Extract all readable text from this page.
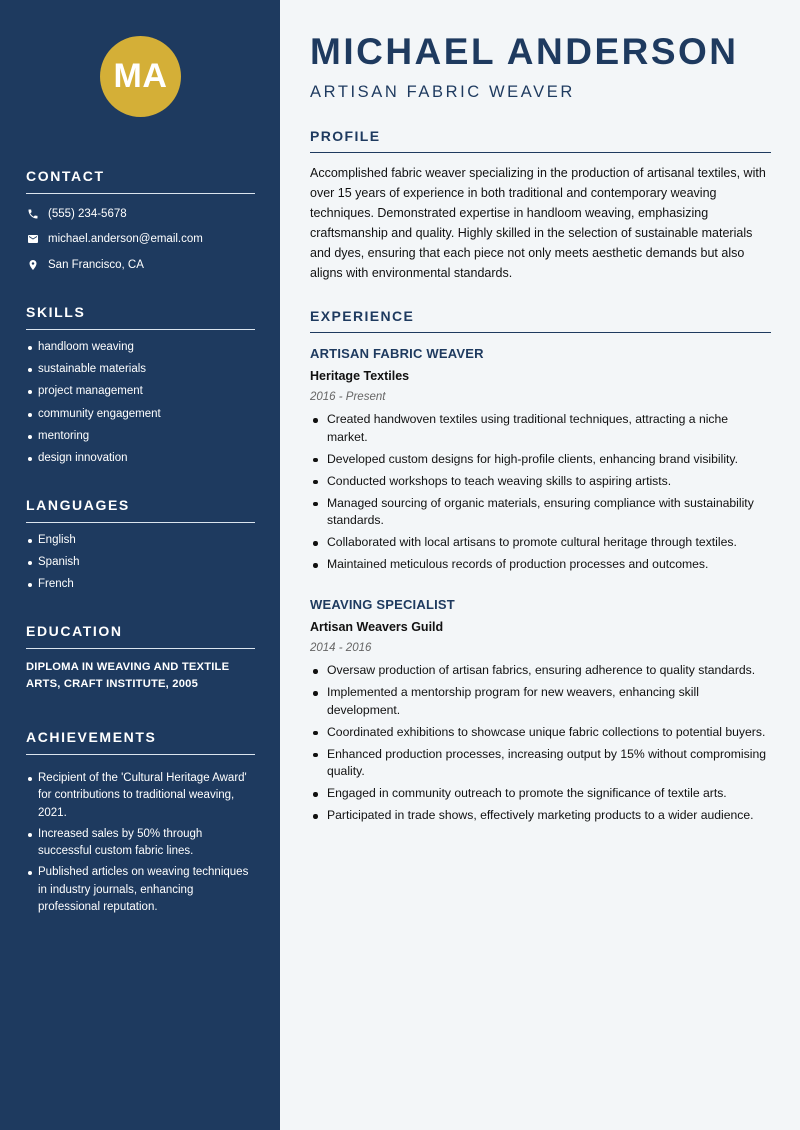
MA
CONTACT
(555) 234-5678
michael.anderson@email.com
San Francisco, CA
SKILLS
handloom weaving
sustainable materials
project management
community engagement
mentoring
design innovation
LANGUAGES
English
Spanish
French
EDUCATION
DIPLOMA IN WEAVING AND TEXTILE ARTS, CRAFT INSTITUTE, 2005
ACHIEVEMENTS
Recipient of the 'Cultural Heritage Award' for contributions to traditional weaving, 2021.
Increased sales by 50% through successful custom fabric lines.
Published articles on weaving techniques in industry journals, enhancing professional reputation.
MICHAEL ANDERSON
ARTISAN FABRIC WEAVER
PROFILE
Accomplished fabric weaver specializing in the production of artisanal textiles, with over 15 years of experience in both traditional and contemporary weaving techniques. Demonstrated expertise in handloom weaving, emphasizing craftsmanship and quality. Highly skilled in the selection of sustainable materials and dyes, ensuring that each piece not only meets aesthetic demands but also aligns with environmental standards.
EXPERIENCE
ARTISAN FABRIC WEAVER
Heritage Textiles
2016 - Present
Created handwoven textiles using traditional techniques, attracting a niche market.
Developed custom designs for high-profile clients, enhancing brand visibility.
Conducted workshops to teach weaving skills to aspiring artists.
Managed sourcing of organic materials, ensuring compliance with sustainability standards.
Collaborated with local artisans to promote cultural heritage through textiles.
Maintained meticulous records of production processes and outcomes.
WEAVING SPECIALIST
Artisan Weavers Guild
2014 - 2016
Oversaw production of artisan fabrics, ensuring adherence to quality standards.
Implemented a mentorship program for new weavers, enhancing skill development.
Coordinated exhibitions to showcase unique fabric collections to potential buyers.
Enhanced production processes, increasing output by 15% without compromising quality.
Engaged in community outreach to promote the significance of textile arts.
Participated in trade shows, effectively marketing products to a wider audience.
